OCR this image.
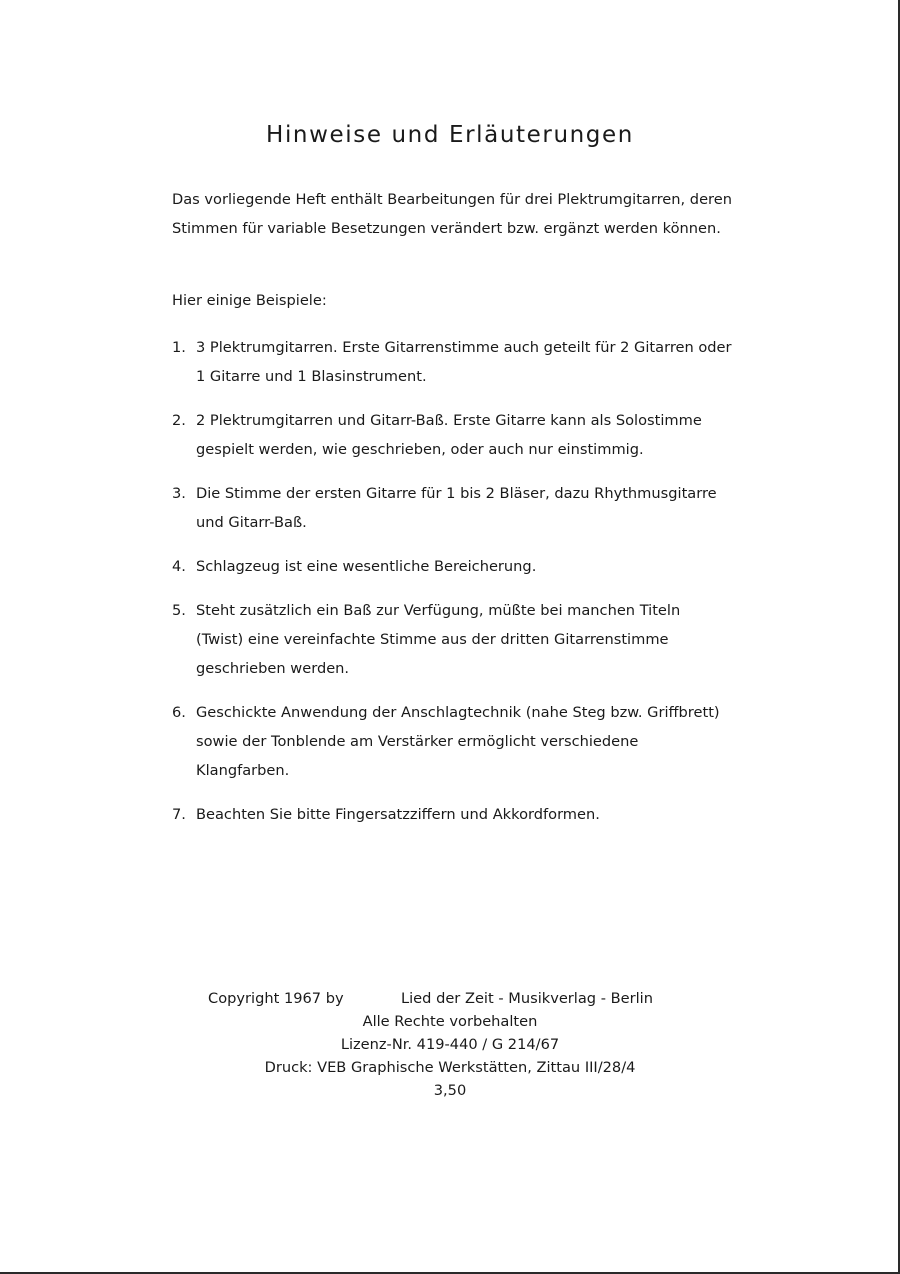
Hinweise und Erläuterungen

Das vorliegende Heft enthält Bearbeitungen für drei Plektrumgitarren, deren Stimmen für variable Besetzungen verändert bzw. ergänzt werden können.

Hier einige Beispiele:

1. 3 Plektrumgitarren. Erste Gitarrenstimme auch geteilt für 2 Gitarren oder 1 Gitarre und 1 Blasinstrument.
2. 2 Plektrumgitarren und Gitarr-Baß. Erste Gitarre kann als Solostimme gespielt werden, wie geschrieben, oder auch nur einstimmig.
3. Die Stimme der ersten Gitarre für 1 bis 2 Bläser, dazu Rhythmusgitarre und Gitarr-Baß.
4. Schlagzeug ist eine wesentliche Bereicherung.
5. Steht zusätzlich ein Baß zur Verfügung, müßte bei manchen Titeln (Twist) eine vereinfachte Stimme aus der dritten Gitarrenstimme geschrieben werden.
6. Geschickte Anwendung der Anschlagtechnik (nahe Steg bzw. Griffbrett) sowie der Tonblende am Verstärker ermöglicht verschiedene Klangfarben.
7. Beachten Sie bitte Fingersatzziffern und Akkordformen.
Copyright 1967 by	Lied der Zeit - Musikverlag - Berlin
Alle Rechte vorbehalten
Lizenz-Nr. 419-440 / G 214/67
Druck: VEB Graphische Werkstätten, Zittau III/28/4
3,50
